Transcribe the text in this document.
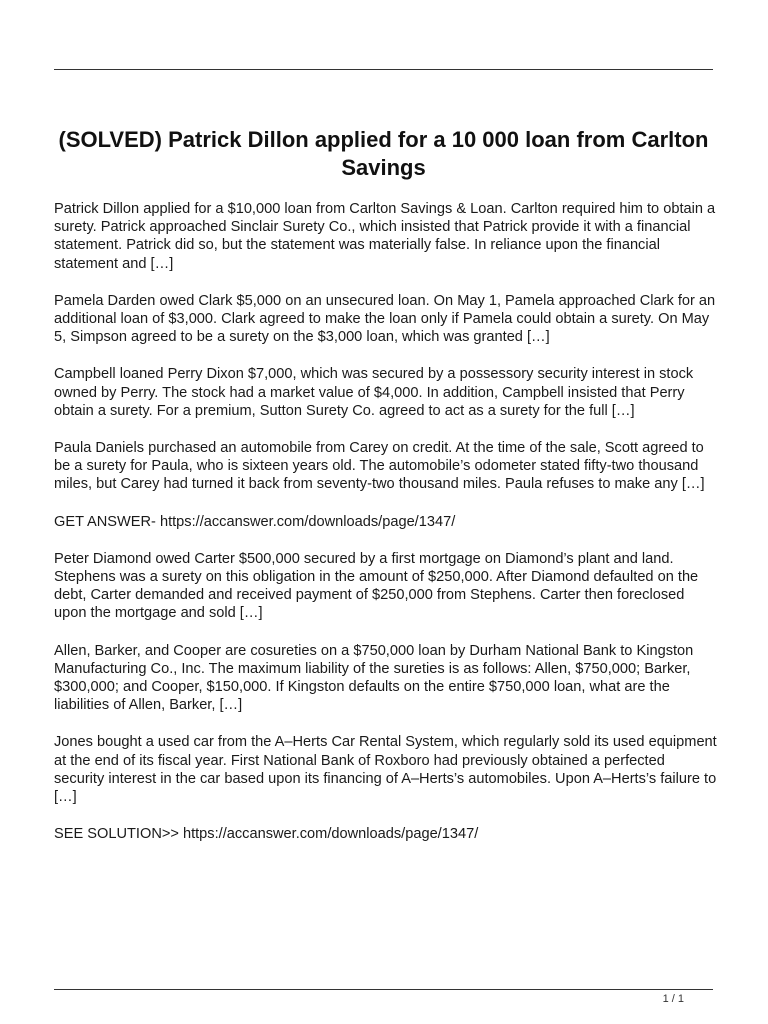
(SOLVED) Patrick Dillon applied for a 10 000 loan from Carlton Savings

Patrick Dillon applied for a $10,000 loan from Carlton Savings & Loan. Carlton required him to obtain a surety. Patrick approached Sinclair Surety Co., which insisted that Patrick provide it with a financial statement. Patrick did so, but the statement was materially false. In reliance upon the financial statement and […]

Pamela Darden owed Clark $5,000 on an unsecured loan. On May 1, Pamela approached Clark for an additional loan of $3,000. Clark agreed to make the loan only if Pamela could obtain a surety. On May 5, Simpson agreed to be a surety on the $3,000 loan, which was granted […]

Campbell loaned Perry Dixon $7,000, which was secured by a possessory security interest in stock owned by Perry. The stock had a market value of $4,000. In addition, Campbell insisted that Perry obtain a surety. For a premium, Sutton Surety Co. agreed to act as a surety for the full […]

Paula Daniels purchased an automobile from Carey on credit. At the time of the sale, Scott agreed to be a surety for Paula, who is sixteen years old. The automobile’s odometer stated fifty-two thousand miles, but Carey had turned it back from seventy-two thousand miles. Paula refuses to make any […]

GET ANSWER- https://accanswer.com/downloads/page/1347/

Peter Diamond owed Carter $500,000 secured by a first mortgage on Diamond’s plant and land. Stephens was a surety on this obligation in the amount of $250,000. After Diamond defaulted on the debt, Carter demanded and received payment of $250,000 from Stephens. Carter then foreclosed upon the mortgage and sold […]

Allen, Barker, and Cooper are cosureties on a $750,000 loan by Durham National Bank to Kingston Manufacturing Co., Inc. The maximum liability of the sureties is as follows: Allen, $750,000; Barker, $300,000; and Cooper, $150,000. If Kingston defaults on the entire $750,000 loan, what are the liabilities of Allen, Barker, […]

Jones bought a used car from the A–Herts Car Rental System, which regularly sold its used equipment at the end of its fiscal year. First National Bank of Roxboro had previously obtained a perfected security interest in the car based upon its financing of A–Herts’s automobiles. Upon A–Herts’s failure to […]

SEE SOLUTION>> https://accanswer.com/downloads/page/1347/

1 / 1
